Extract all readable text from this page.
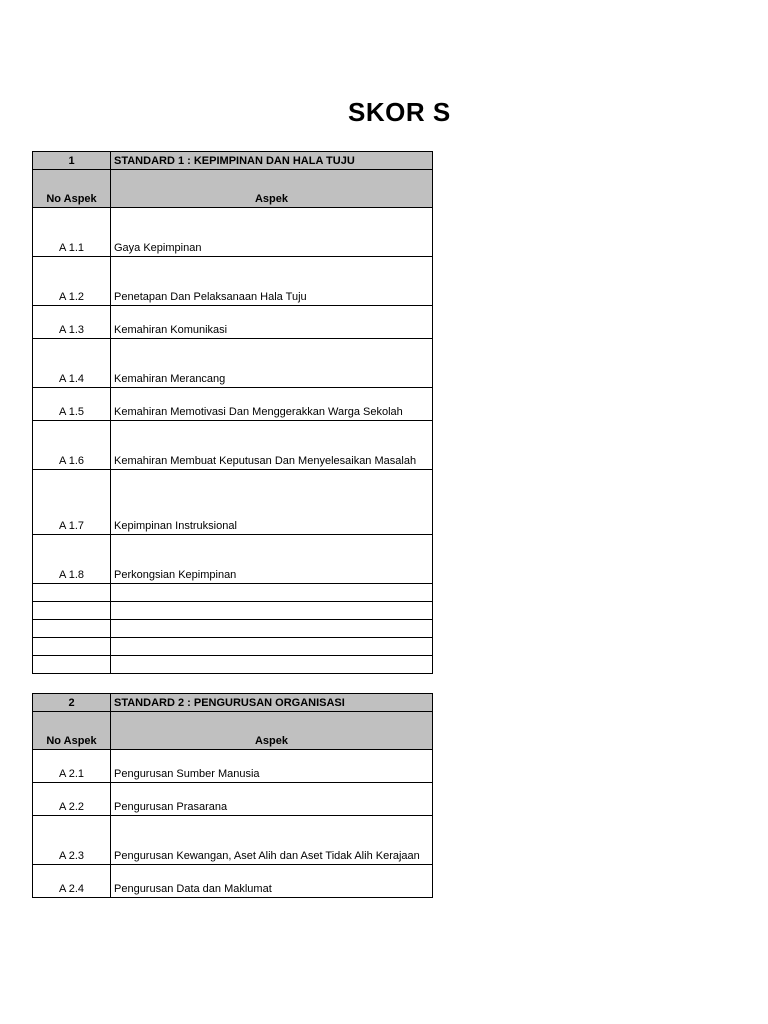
SKOR S
1	STANDARD 1 : KEPIMPINAN DAN HALA TUJU
No Aspek	Aspek
A 1.1	Gaya Kepimpinan
A 1.2	Penetapan Dan Pelaksanaan Hala Tuju
A 1.3	Kemahiran Komunikasi
A 1.4	Kemahiran Merancang
A 1.5	Kemahiran Memotivasi Dan Menggerakkan Warga Sekolah
A 1.6	Kemahiran Membuat Keputusan Dan Menyelesaikan Masalah
A 1.7	Kepimpinan Instruksional
A 1.8	Perkongsian Kepimpinan

2	STANDARD 2 : PENGURUSAN ORGANISASI
No Aspek	Aspek
A 2.1	Pengurusan Sumber Manusia
A 2.2	Pengurusan Prasarana
A 2.3	Pengurusan Kewangan, Aset Alih dan Aset Tidak Alih Kerajaan
A 2.4	Pengurusan Data dan Maklumat
